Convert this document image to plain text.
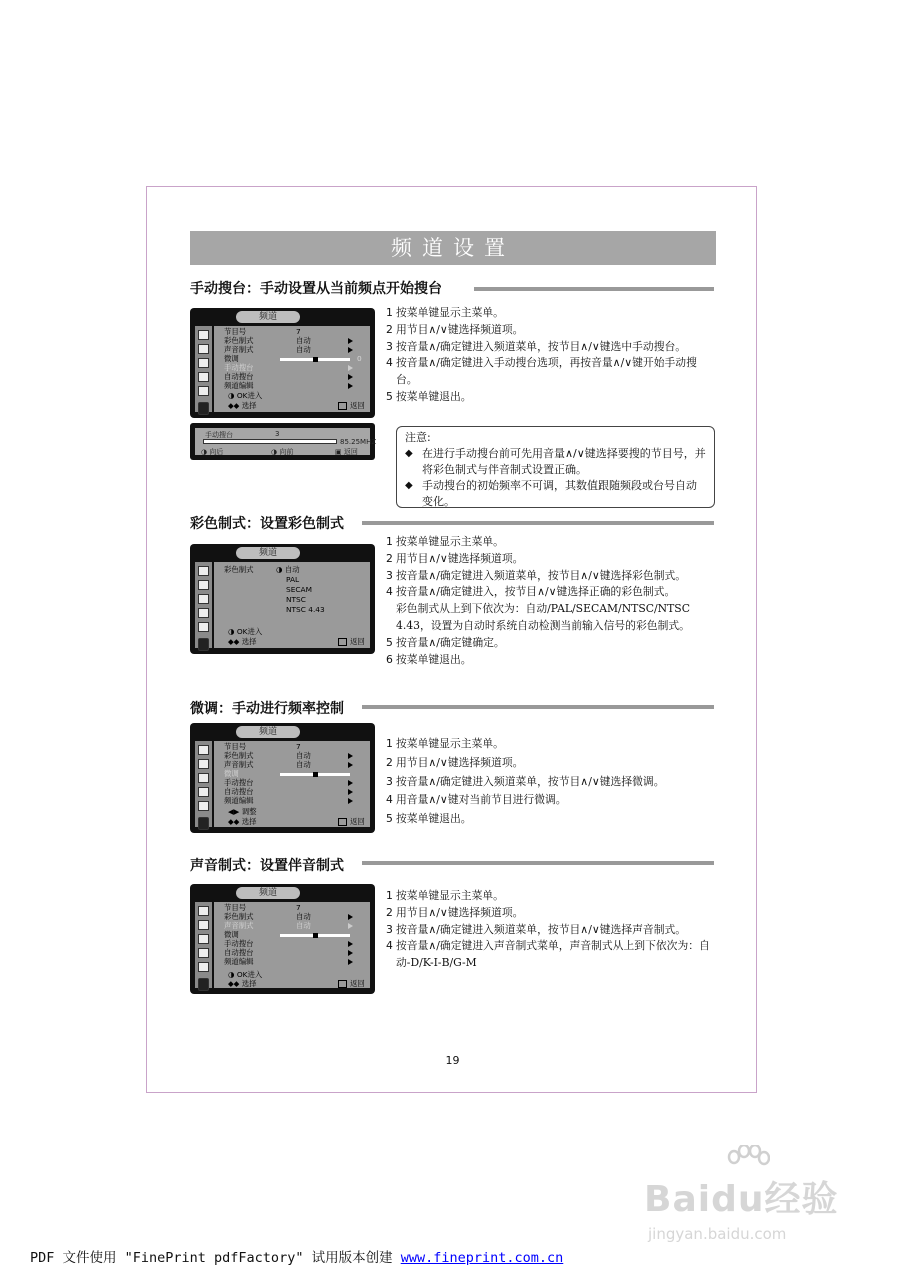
频道设置
手动搜台：手动设置从当前频点开始搜台
1 按菜单键显示主菜单。
2 用节目∧/∨键选择频道项。
3 按音量∧/确定键进入频道菜单，按节目∧/∨键选中手动搜台。
4 按音量∧/确定键进入手动搜台选项，再按音量∧/∨键开始手动搜台。
5 按菜单键退出。
频道
节目号	7
彩色制式	自动
声音制式	自动
微调	0
手动搜台
自动搜台
频道编辑
◑ OK进入
◆◆ 选择	返回
手动搜台	3
85.25MHZ
◑ 向后	◑ 向前	▣ 返回
注意:
◆ 在进行手动搜台前可先用音量∧/∨键选择要搜的节目号，并将彩色制式与伴音制式设置正确。
◆ 手动搜台的初始频率不可调，其数值跟随频段或台号自动变化。
彩色制式：设置彩色制式
1 按菜单键显示主菜单。
2 用节目∧/∨键选择频道项。
3 按音量∧/确定键进入频道菜单，按节目∧/∨键选择彩色制式。
4 按音量∧/确定键进入，按节目∧/∨键选择正确的彩色制式。
彩色制式从上到下依次为：自动/PAL/SECAM/NTSC/NTSC 4.43，设置为自动时系统自动检测当前输入信号的彩色制式。
5 按音量∧/确定键确定。
6 按菜单键退出。
频道
彩色制式	◑ 自动
PAL
SECAM
NTSC
NTSC 4.43
◑ OK进入
◆◆ 选择	返回
微调：手动进行频率控制
1 按菜单键显示主菜单。
2 用节目∧/∨键选择频道项。
3 按音量∧/确定键进入频道菜单，按节目∧/∨键选择微调。
4 用音量∧/∨键对当前节目进行微调。
5 按菜单键退出。
频道
节目号	7
彩色制式	自动
声音制式	自动
微调
手动搜台
自动搜台
频道编辑
◀▶ 调整
◆◆ 选择	返回
声音制式：设置伴音制式
1 按菜单键显示主菜单。
2 用节目∧/∨键选择频道项。
3 按音量∧/确定键进入频道菜单，按节目∧/∨键选择声音制式。
4 按音量∧/确定键进入声音制式菜单，声音制式从上到下依次为：自动-D/K-I-B/G-M
频道
节目号	7
彩色制式	自动
声音制式	自动
微调
手动搜台
自动搜台
频道编辑
◑ OK进入
◆◆ 选择	返回
19
Baidu经验
jingyan.baidu.com
PDF 文件使用 "FinePrint pdfFactory" 试用版本创建 www.fineprint.com.cn
